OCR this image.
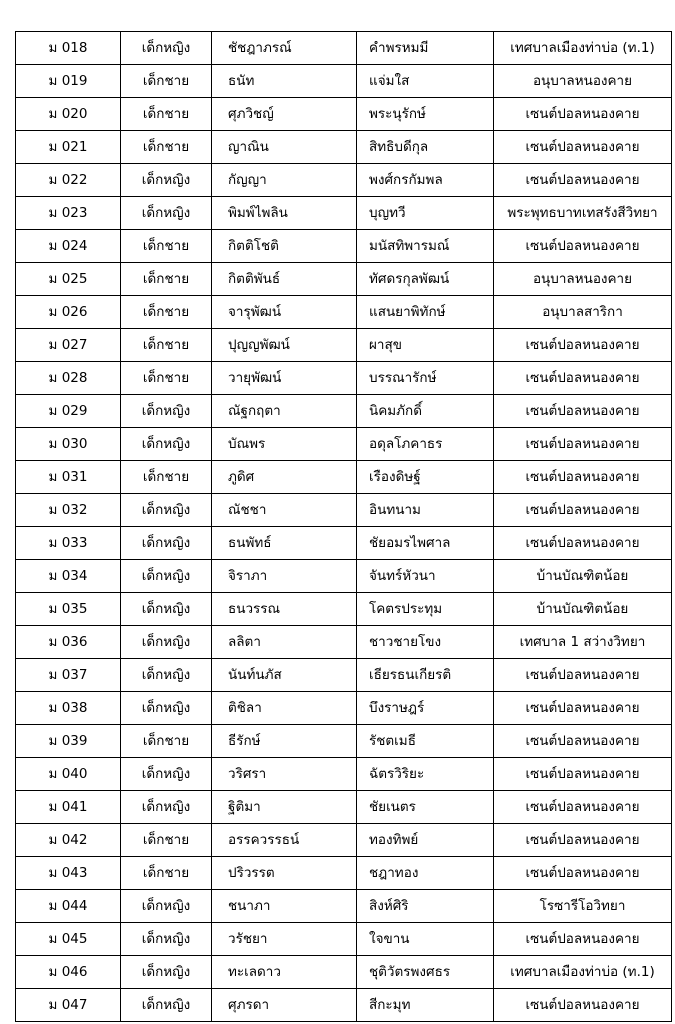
ม 018	เด็กหญิง	ชัชฎาภรณ์	คำพรหมมี	เทศบาลเมืองท่าบ่อ (ท.1)
ม 019	เด็กชาย	ธนัท	แจ่มใส	อนุบาลหนองคาย
ม 020	เด็กชาย	ศุภวิชญ์	พระนุรักษ์	เซนต์ปอลหนองคาย
ม 021	เด็กชาย	ญาณิน	สิทธิบดีกุล	เซนต์ปอลหนองคาย
ม 022	เด็กหญิง	กัญญา	พงศ์กรกัมพล	เซนต์ปอลหนองคาย
ม 023	เด็กหญิง	พิมพ์ไพลิน	บุญทวี	พระพุทธบาทเทสรังสีวิทยา
ม 024	เด็กชาย	กิตติโชติ	มนัสทิพารมณ์	เซนต์ปอลหนองคาย
ม 025	เด็กชาย	กิตติพันธ์	ทัศดรกุลพัฒน์	อนุบาลหนองคาย
ม 026	เด็กชาย	จารุพัฒน์	แสนยาพิทักษ์	อนุบาลสาริกา
ม 027	เด็กชาย	ปุญญพัฒน์	ผาสุข	เซนต์ปอลหนองคาย
ม 028	เด็กชาย	วายุพัฒน์	บรรณารักษ์	เซนต์ปอลหนองคาย
ม 029	เด็กหญิง	ณัฐกฤตา	นิคมภักดิ์	เซนต์ปอลหนองคาย
ม 030	เด็กหญิง	บัณพร	อดุลโภคาธร	เซนต์ปอลหนองคาย
ม 031	เด็กชาย	ภูดิศ	เรืองดิษฐ์	เซนต์ปอลหนองคาย
ม 032	เด็กหญิง	ณัชชา	อินทนาม	เซนต์ปอลหนองคาย
ม 033	เด็กหญิง	ธนพัทธ์	ชัยอมรไพศาล	เซนต์ปอลหนองคาย
ม 034	เด็กหญิง	จิราภา	จันทร์หัวนา	บ้านบัณฑิตน้อย
ม 035	เด็กหญิง	ธนวรรณ	โคตรประทุม	บ้านบัณฑิตน้อย
ม 036	เด็กหญิง	ลลิตา	ชาวชายโขง	เทศบาล 1 สว่างวิทยา
ม 037	เด็กหญิง	นันท์นภัส	เธียรธนเกียรติ	เซนต์ปอลหนองคาย
ม 038	เด็กหญิง	ติชิลา	บึงราษฎร์	เซนต์ปอลหนองคาย
ม 039	เด็กชาย	ธีรักษ์	รัชตเมธี	เซนต์ปอลหนองคาย
ม 040	เด็กหญิง	วริศรา	ฉัตรวิริยะ	เซนต์ปอลหนองคาย
ม 041	เด็กหญิง	ฐิติมา	ชัยเนตร	เซนต์ปอลหนองคาย
ม 042	เด็กชาย	อรรควรรธน์	ทองทิพย์	เซนต์ปอลหนองคาย
ม 043	เด็กชาย	ปริวรรต	ชฎาทอง	เซนต์ปอลหนองคาย
ม 044	เด็กหญิง	ชนาภา	สิงห์ศิริ	โรซารีโอวิทยา
ม 045	เด็กหญิง	วรัชยา	ใจขาน	เซนต์ปอลหนองคาย
ม 046	เด็กหญิง	ทะเลดาว	ชุติวัตรพงศธร	เทศบาลเมืองท่าบ่อ (ท.1)
ม 047	เด็กหญิง	ศุภรดา	สีกะมุท	เซนต์ปอลหนองคาย
